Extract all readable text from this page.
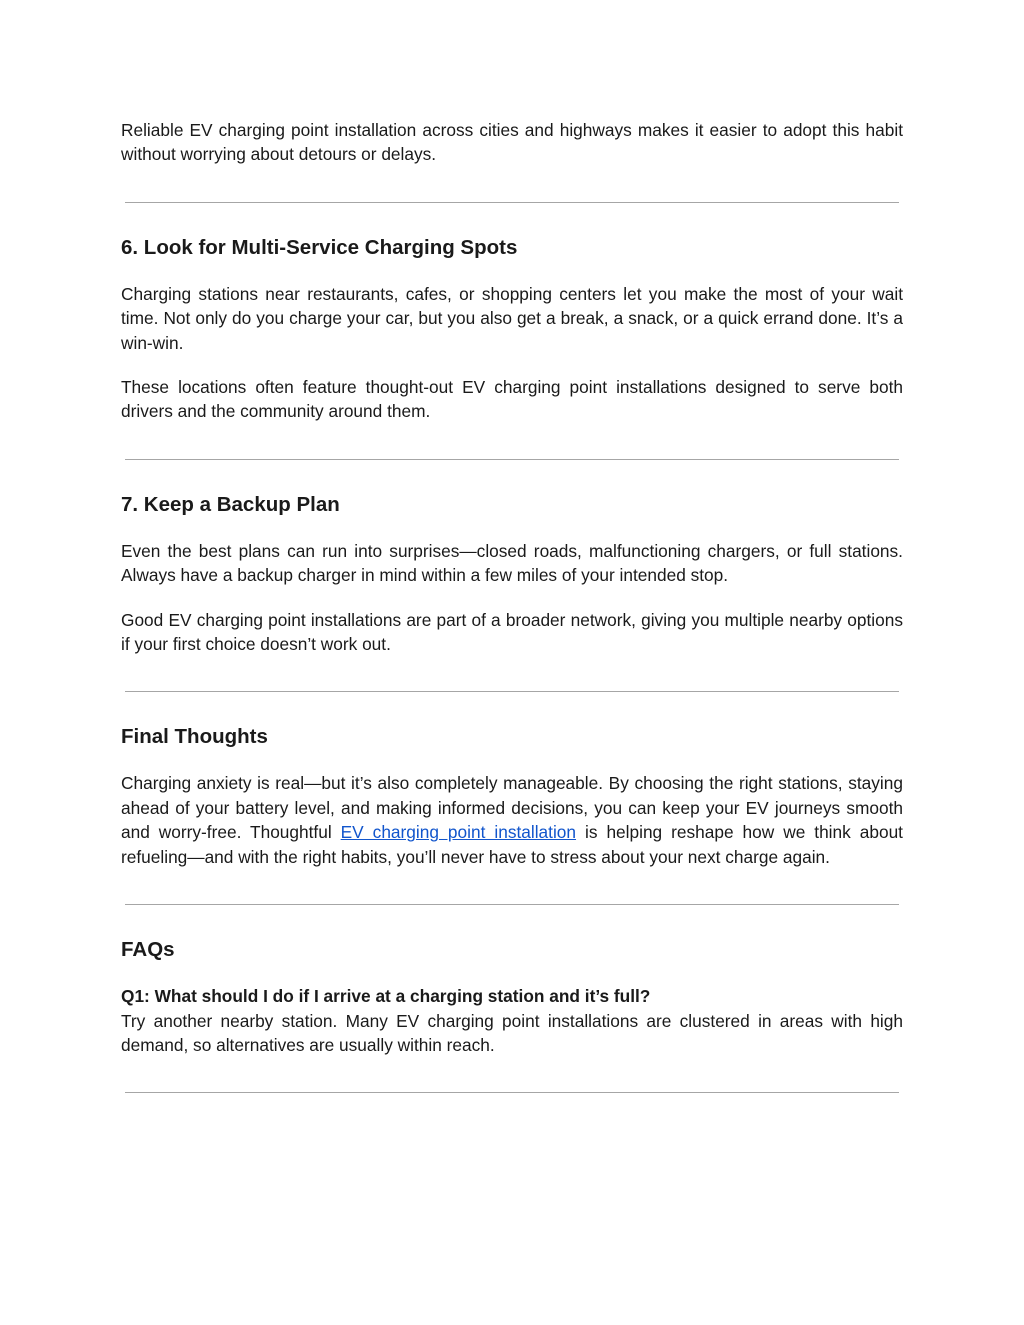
Reliable EV charging point installation across cities and highways makes it easier to adopt this habit without worrying about detours or delays.

6. Look for Multi-Service Charging Spots

Charging stations near restaurants, cafes, or shopping centers let you make the most of your wait time. Not only do you charge your car, but you also get a break, a snack, or a quick errand done. It’s a win-win.

These locations often feature thought-out EV charging point installations designed to serve both drivers and the community around them.

7. Keep a Backup Plan

Even the best plans can run into surprises—closed roads, malfunctioning chargers, or full stations. Always have a backup charger in mind within a few miles of your intended stop.

Good EV charging point installations are part of a broader network, giving you multiple nearby options if your first choice doesn’t work out.

Final Thoughts

Charging anxiety is real—but it’s also completely manageable. By choosing the right stations, staying ahead of your battery level, and making informed decisions, you can keep your EV journeys smooth and worry-free. Thoughtful EV charging point installation is helping reshape how we think about refueling—and with the right habits, you’ll never have to stress about your next charge again.

FAQs

Q1: What should I do if I arrive at a charging station and it’s full?

Try another nearby station. Many EV charging point installations are clustered in areas with high demand, so alternatives are usually within reach.
